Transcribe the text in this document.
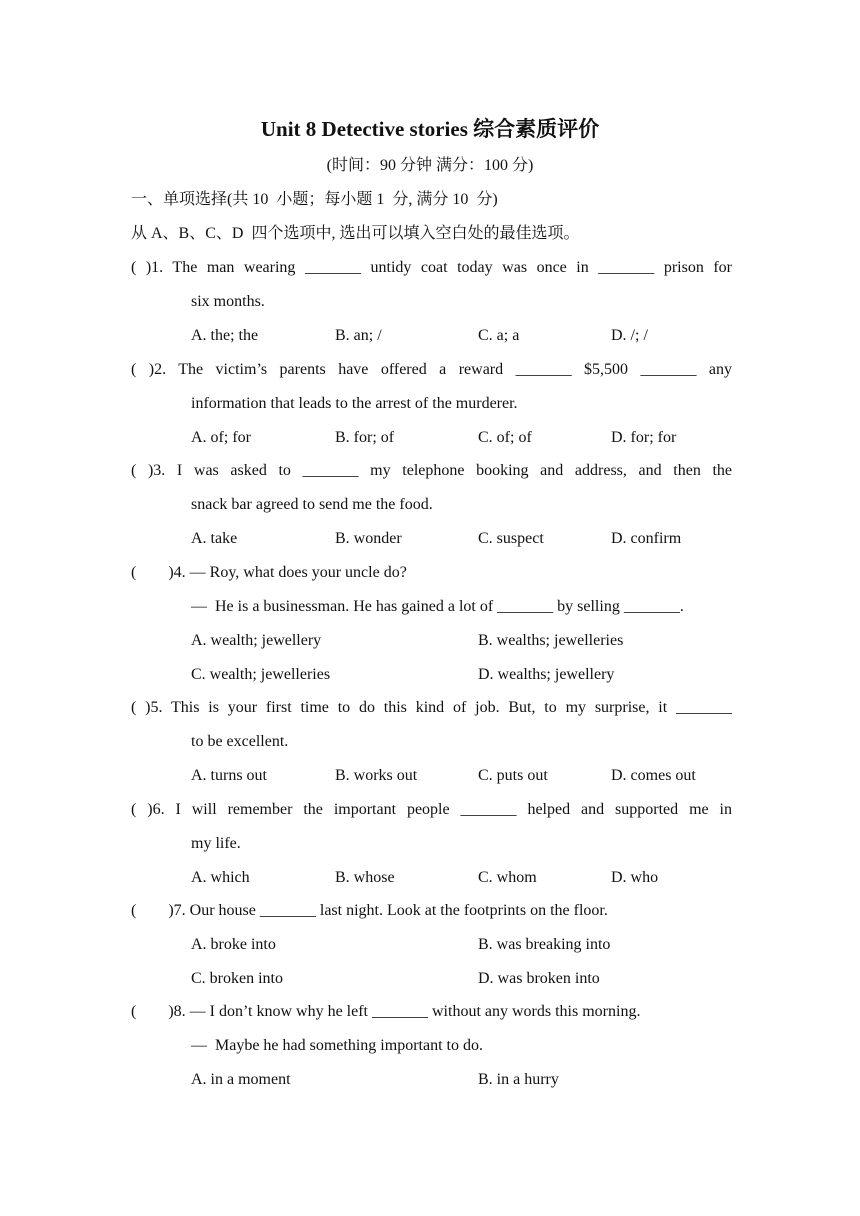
Unit 8 Detective stories 综合素质评价
(时间：90 分钟 满分：100 分)
一、单项选择(共 10  小题；每小题 1  分, 满分 10  分)
从 A、B、C、D  四个选项中, 选出可以填入空白处的最佳选项。
( )1. The man wearing _______ untidy coat today was once in _______ prison for
six months.
A. the; the	B. an; /	C. a; a	D. /; /
( )2. The victim’s parents have offered a reward _______ $5,500 _______ any
information that leads to the arrest of the murderer.
A. of; for	B. for; of	C. of; of	D. for; for
( )3. I was asked to _______ my telephone booking and address, and then the
snack bar agreed to send me the food.
A. take	B. wonder	C. suspect	D. confirm
(        )4. — Roy, what does your uncle do?
—  He is a businessman. He has gained a lot of _______ by selling _______.
A. wealth; jewellery	B. wealths; jewelleries
C. wealth; jewelleries	D. wealths; jewellery
( )5. This is your first time to do this kind of job. But, to my surprise, it _______
to be excellent.
A. turns out	B. works out	C. puts out	D. comes out
( )6. I will remember the important people _______ helped and supported me in
my life.
A. which	B. whose	C. whom	D. who
(        )7. Our house _______ last night. Look at the footprints on the floor.
A. broke into	B. was breaking into
C. broken into	D. was broken into
(        )8. — I don’t know why he left _______ without any words this morning.
—  Maybe he had something important to do.
A. in a moment	B. in a hurry
